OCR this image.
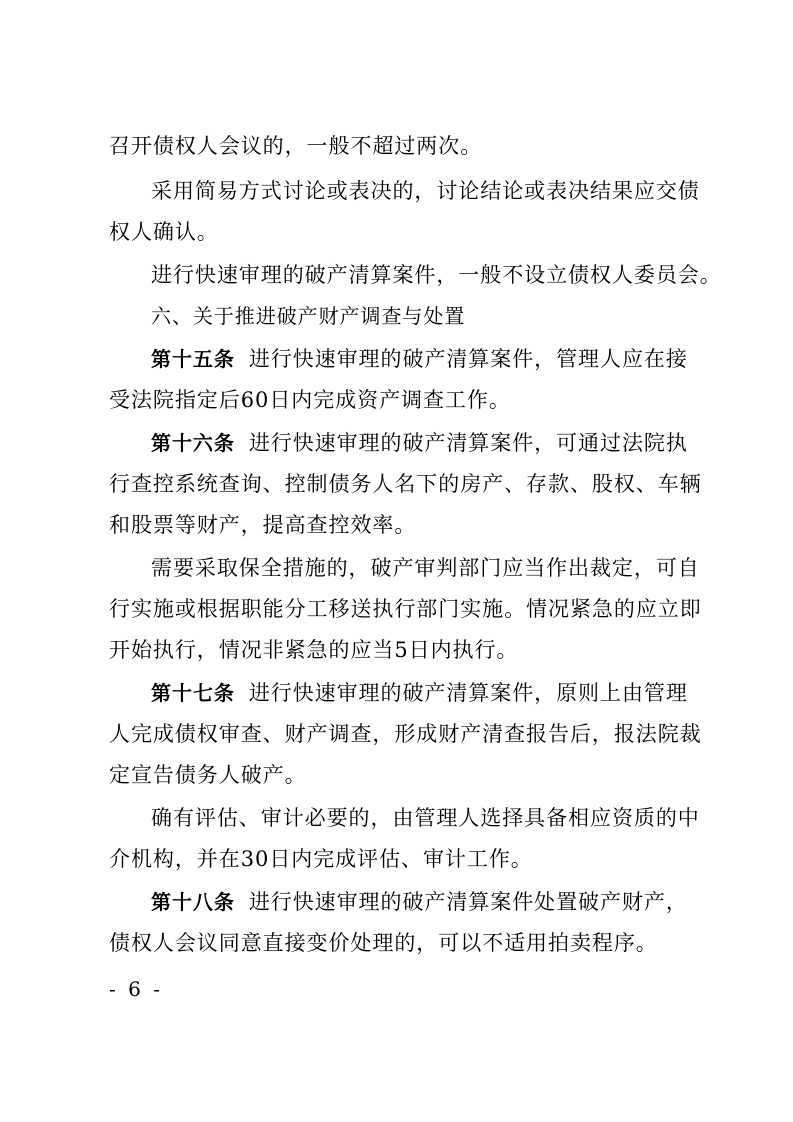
召开债权人会议的，一般不超过两次。
采用简易方式讨论或表决的，讨论结论或表决结果应交债
权人确认。
进行快速审理的破产清算案件，一般不设立债权人委员会。
六、关于推进破产财产调查与处置
第十五条 进行快速审理的破产清算案件，管理人应在接
受法院指定后60日内完成资产调查工作。
第十六条 进行快速审理的破产清算案件，可通过法院执
行查控系统查询、控制债务人名下的房产、存款、股权、车辆
和股票等财产，提高查控效率。
需要采取保全措施的，破产审判部门应当作出裁定，可自
行实施或根据职能分工移送执行部门实施。情况紧急的应立即
开始执行，情况非紧急的应当5日内执行。
第十七条 进行快速审理的破产清算案件，原则上由管理
人完成债权审查、财产调查，形成财产清查报告后，报法院裁
定宣告债务人破产。
确有评估、审计必要的，由管理人选择具备相应资质的中
介机构，并在30日内完成评估、审计工作。
第十八条 进行快速审理的破产清算案件处置破产财产，
债权人会议同意直接变价处理的，可以不适用拍卖程序。
- 6 -
